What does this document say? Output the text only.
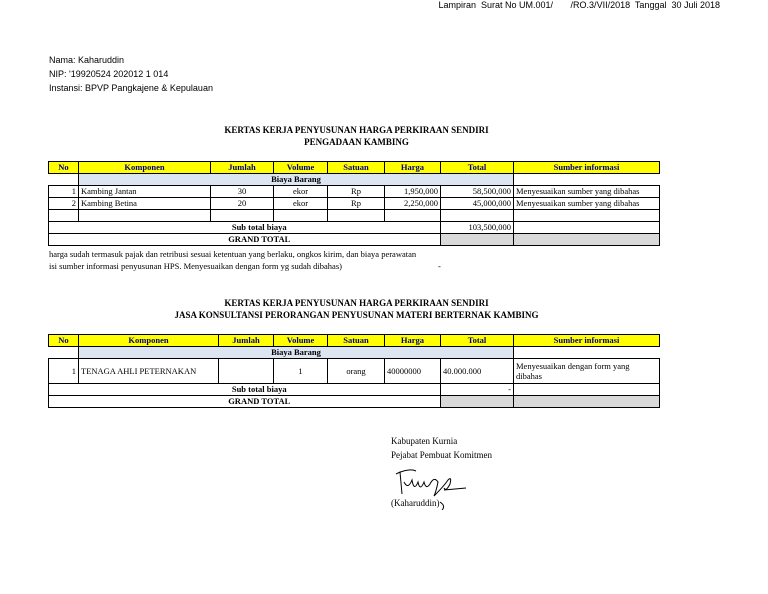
Lampiran  Surat No UM.001/       /RO.3/VII/2018  Tanggal  30 Juli 2018
Nama: Kaharuddin
NIP: '19920524 202012 1 014
Instansi: BPVP Pangkajene & Kepulauan
KERTAS KERJA PENYUSUNAN HARGA PERKIRAAN SENDIRI
PENGADAAN KAMBING
No	Komponen	Jumlah	Volume	Satuan	Harga	Total	Sumber informasi
	Biaya Barang						
1	Kambing Jantan	30	ekor	Rp	1,950,000	58,500,000	Menyesuaikan sumber yang dibahas
2	Kambing Betina	20	ekor	Rp	2,250,000	45,000,000	Menyesuaikan sumber yang dibahas

	Sub total biaya					103,500,000	
	GRAND TOTAL						
harga sudah termasuk pajak dan retribusi sesuai ketentuan yang berlaku, ongkos kirim, dan biaya perawatan
isi sumber informasi penyusunan HPS. Menyesuaikan dengan form yg sudah dibahas)	-
KERTAS KERJA PENYUSUNAN HARGA PERKIRAAN SENDIRI
JASA KONSULTANSI PERORANGAN PENYUSUNAN MATERI BERTERNAK KAMBING
No	Komponen	Jumlah	Volume	Satuan	Harga	Total	Sumber informasi
	Biaya Barang						
1	TENAGA AHLI PETERNAKAN		1	orang	40000000	40.000.000	Menyesuaikan dengan form yang dibahas
	Sub total biaya					-	
	GRAND TOTAL						
Kabupaten Kurnia
Pejabat Pembuat Komitmen
(Kaharuddin)
